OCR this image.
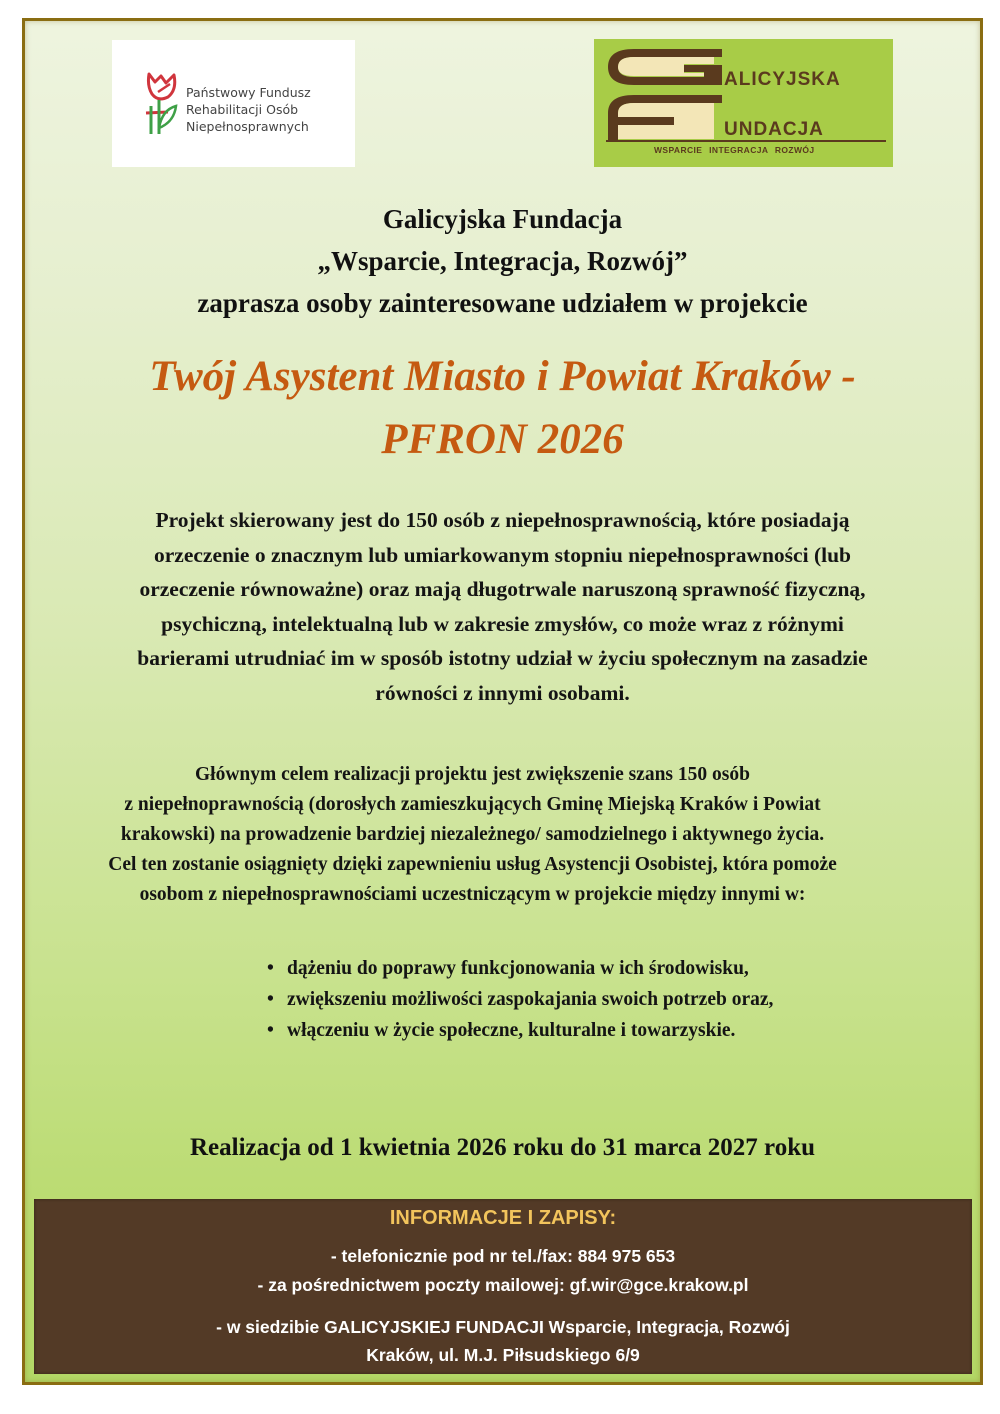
Państwowy Fundusz
Rehabilitacji Osób
Niepełnosprawnych
ALICYJSKA
UNDACJA
WSPARCIE INTEGRACJA ROZWÓJ
Galicyjska Fundacja
„Wsparcie, Integracja, Rozwój”
zaprasza osoby zainteresowane udziałem w projekcie
Twój Asystent Miasto i Powiat Kraków -
PFRON 2026
Projekt skierowany jest do 150 osób z niepełnosprawnością, które posiadają
orzeczenie o znacznym lub umiarkowanym stopniu niepełnosprawności (lub
orzeczenie równoważne) oraz mają długotrwale naruszoną sprawność fizyczną,
psychiczną, intelektualną lub w zakresie zmysłów, co może wraz z różnymi
barierami utrudniać im w sposób istotny udział w życiu społecznym na zasadzie
równości z innymi osobami.
Głównym celem realizacji projektu jest zwiększenie szans 150 osób
z niepełnoprawnością (dorosłych zamieszkujących Gminę Miejską Kraków i Powiat
krakowski) na prowadzenie bardziej niezależnego/ samodzielnego i aktywnego życia.
Cel ten zostanie osiągnięty dzięki zapewnieniu usług Asystencji Osobistej, która pomoże
osobom z niepełnosprawnościami uczestniczącym w projekcie między innymi w:
• dążeniu do poprawy funkcjonowania w ich środowisku,
• zwiększeniu możliwości zaspokajania swoich potrzeb oraz,
• włączeniu w życie społeczne, kulturalne i towarzyskie.
Realizacja od 1 kwietnia 2026 roku do 31 marca 2027 roku
INFORMACJE I ZAPISY:
- telefonicznie pod nr tel./fax: 884 975 653
- za pośrednictwem poczty mailowej: gf.wir@gce.krakow.pl
- w siedzibie GALICYJSKIEJ FUNDACJI Wsparcie, Integracja, Rozwój
Kraków, ul. M.J. Piłsudskiego 6/9
